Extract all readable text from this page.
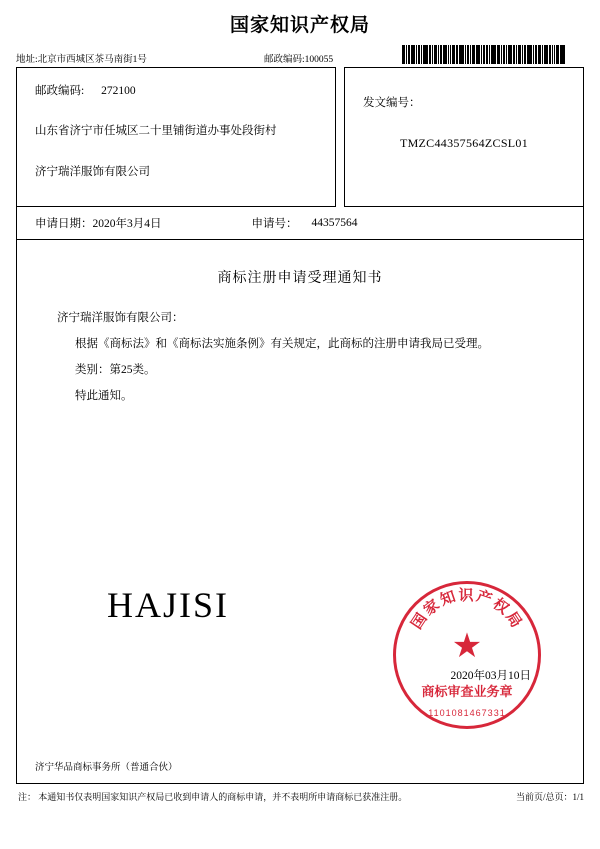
国家知识产权局
地址:北京市西城区茶马南街1号	邮政编码:100055
邮政编码: 272100
山东省济宁市任城区二十里铺街道办事处段街村
济宁瑞洋服饰有限公司
发文编号：
TMZC44357564ZCSL01
申请日期： 2020年3月4日	申请号： 44357564
商标注册申请受理通知书
济宁瑞洋服饰有限公司：
根据《商标法》和《商标法实施条例》有关规定，此商标的注册申请我局已受理。
类别：第25类。
特此通知。
HAJISI	国家知识产权局
★
商标审查业务章
1101081467331
2020年03月10日
济宁华品商标事务所（普通合伙）
注： 本通知书仅表明国家知识产权局已收到申请人的商标申请，并不表明所申请商标已获准注册。	当前页/总页：1/1
